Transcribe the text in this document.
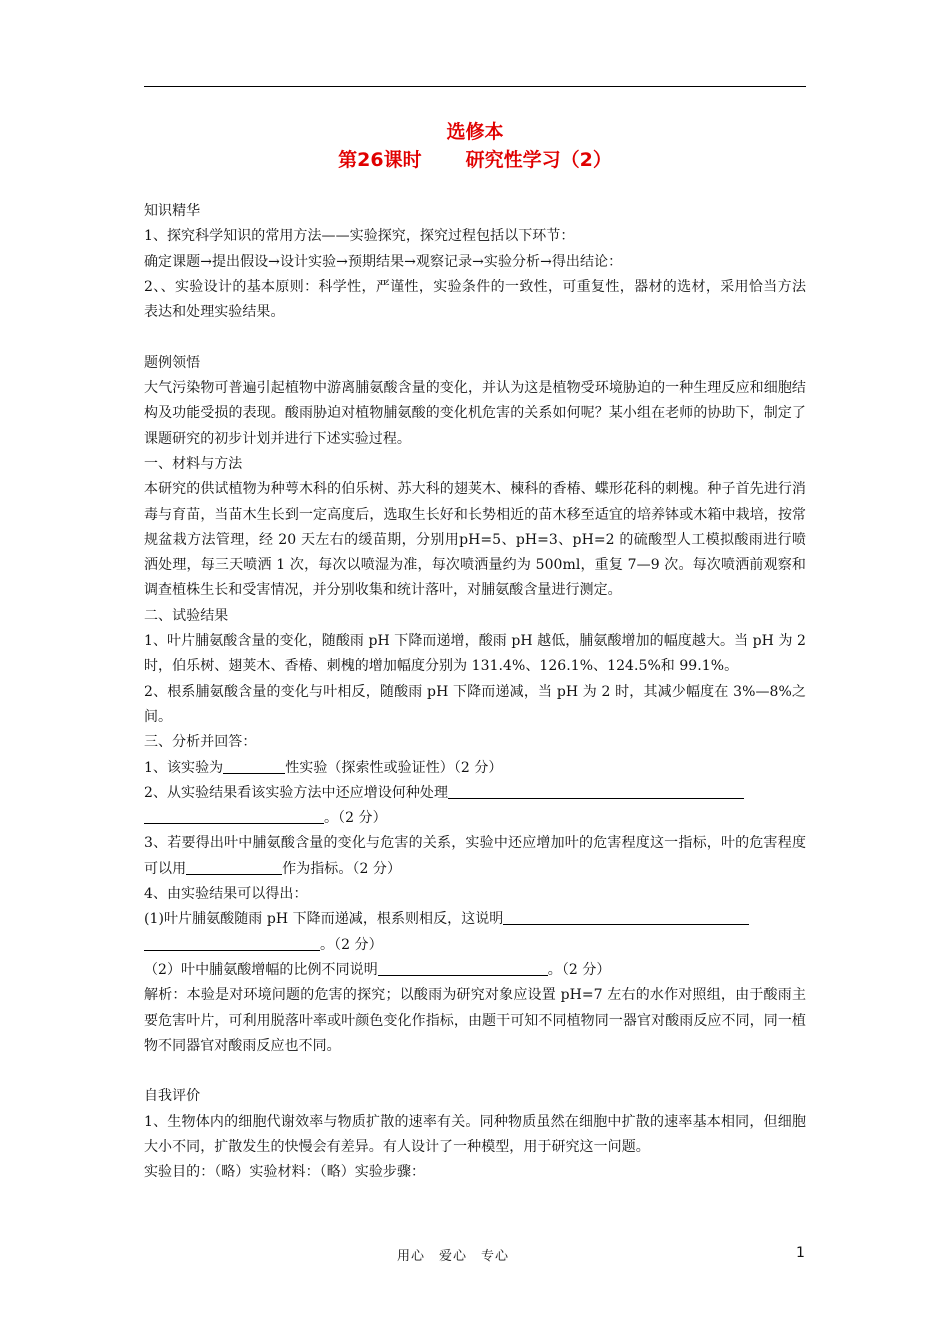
选修本
第26课时 研究性学习（2）

知识精华

1、探究科学知识的常用方法——实验探究，探究过程包括以下环节：

确定课题→提出假设→设计实验→预期结果→观察记录→实验分析→得出结论：

2、、实验设计的基本原则：科学性，严谨性，实验条件的一致性，可重复性，器材的选材，采用恰当方法表达和处理实验结果。

题例领悟

大气污染物可普遍引起植物中游离脯氨酸含量的变化，并认为这是植物受环境胁迫的一种生理反应和细胞结构及功能受损的表现。酸雨胁迫对植物脯氨酸的变化机危害的关系如何呢？某小组在老师的协助下，制定了课题研究的初步计划并进行下述实验过程。

一、材料与方法

本研究的供试植物为种萼木科的伯乐树、苏大科的翅荚木、楝科的香椿、蝶形花科的刺槐。种子首先进行消毒与育苗，当苗木生长到一定高度后，选取生长好和长势相近的苗木移至适宜的培养钵或木箱中栽培，按常规盆栽方法管理，经 20 天左右的缓苗期，分别用pH=5、pH=3、pH=2 的硫酸型人工模拟酸雨进行喷洒处理，每三天喷洒 1 次，每次以喷湿为准，每次喷洒量约为 500ml，重复 7—9 次。每次喷洒前观察和调查植株生长和受害情况，并分别收集和统计落叶，对脯氨酸含量进行测定。

二、试验结果

1、叶片脯氨酸含量的变化，随酸雨 pH 下降而递增，酸雨 pH 越低，脯氨酸增加的幅度越大。当 pH 为 2 时，伯乐树、翅荚木、香椿、刺槐的增加幅度分别为 131.4%、126.1%、124.5%和 99.1%。

2、根系脯氨酸含量的变化与叶相反，随酸雨 pH 下降而递减，当 pH 为 2 时，其减少幅度在 3%—8%之间。

三、分析并回答：

1、该实验为	性实验（探索性或验证性）（2 分）

2、从实验结果看该实验方法中还应增设何种处理
。（2 分）

3、若要得出叶中脯氨酸含量的变化与危害的关系，实验中还应增加叶的危害程度这一指标，叶的危害程度可以用	作为指标。（2 分）

4、由实验结果可以得出：

(1)叶片脯氨酸随雨 pH 下降而递减，根系则相反，这说明
。（2 分）

（2）叶中脯氨酸增幅的比例不同说明	。（2 分）

解析：本验是对环境问题的危害的探究；以酸雨为研究对象应设置 pH=7 左右的水作对照组，由于酸雨主要危害叶片，可利用脱落叶率或叶颜色变化作指标，由题干可知不同植物同一器官对酸雨反应不同，同一植物不同器官对酸雨反应也不同。

自我评价

1、生物体内的细胞代谢效率与物质扩散的速率有关。同种物质虽然在细胞中扩散的速率基本相同，但细胞大小不同，扩散发生的快慢会有差异。有人设计了一种模型，用于研究这一问题。

实验目的：（略）实验材料：（略）实验步骤：

用心　爱心　专心	1
